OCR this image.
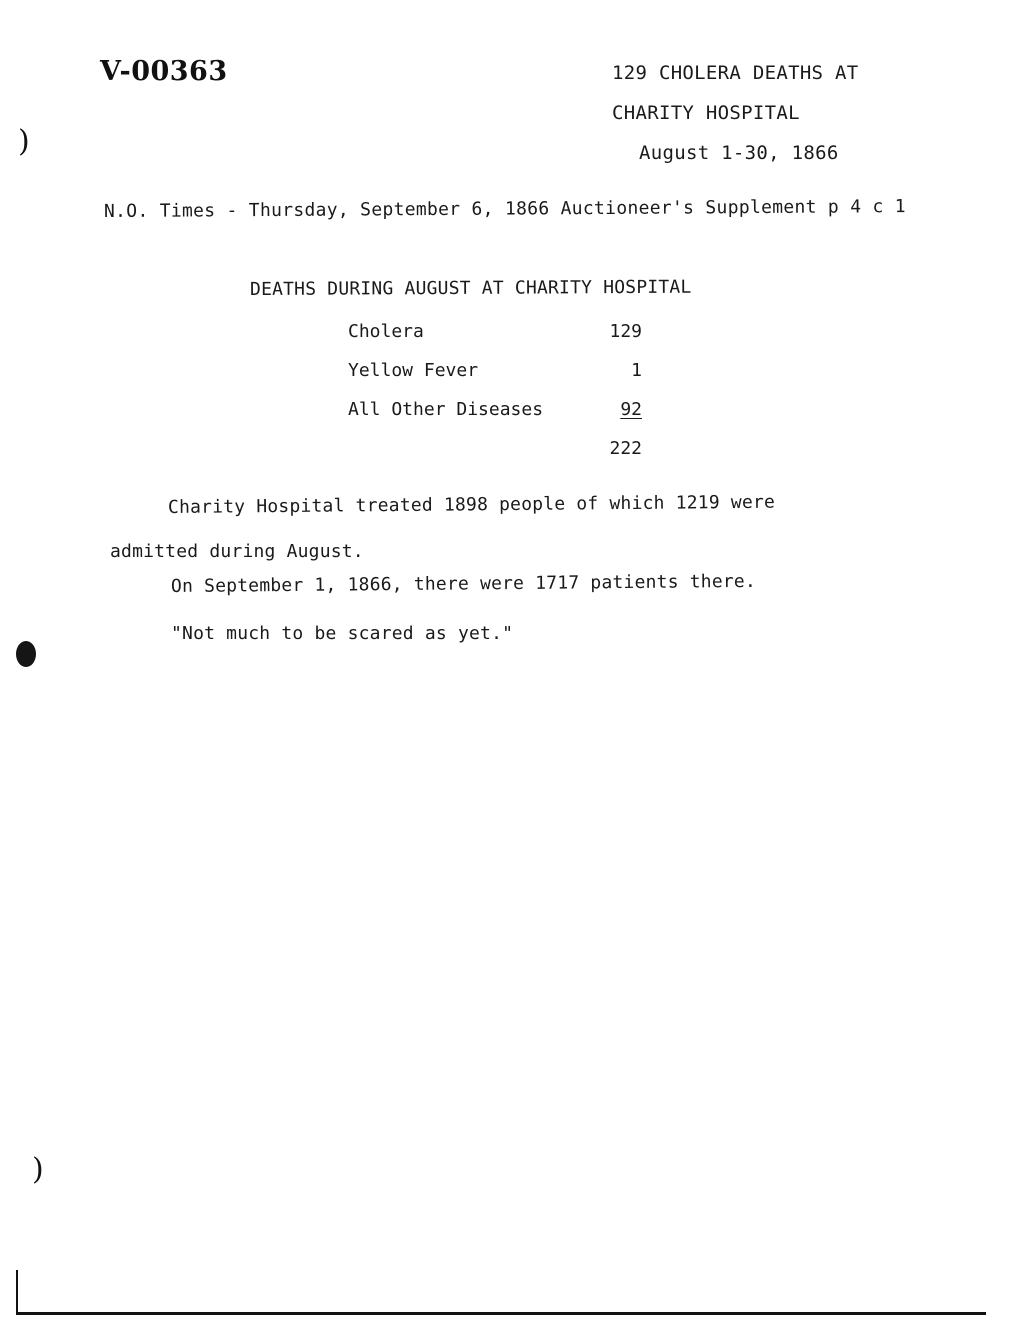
)
)
V-00363	129 CHOLERA DEATHS AT
CHARITY HOSPITAL
August 1-30, 1866
N.O. Times - Thursday, September 6, 1866 Auctioneer's Supplement p 4 c 1
DEATHS DURING AUGUST AT CHARITY HOSPITAL
Cholera	129
Yellow Fever	1
All Other Diseases	92
222
Charity Hospital treated 1898 people of which 1219 were
admitted during August.
On September 1, 1866, there were 1717 patients there.
"Not much to be scared as yet."
